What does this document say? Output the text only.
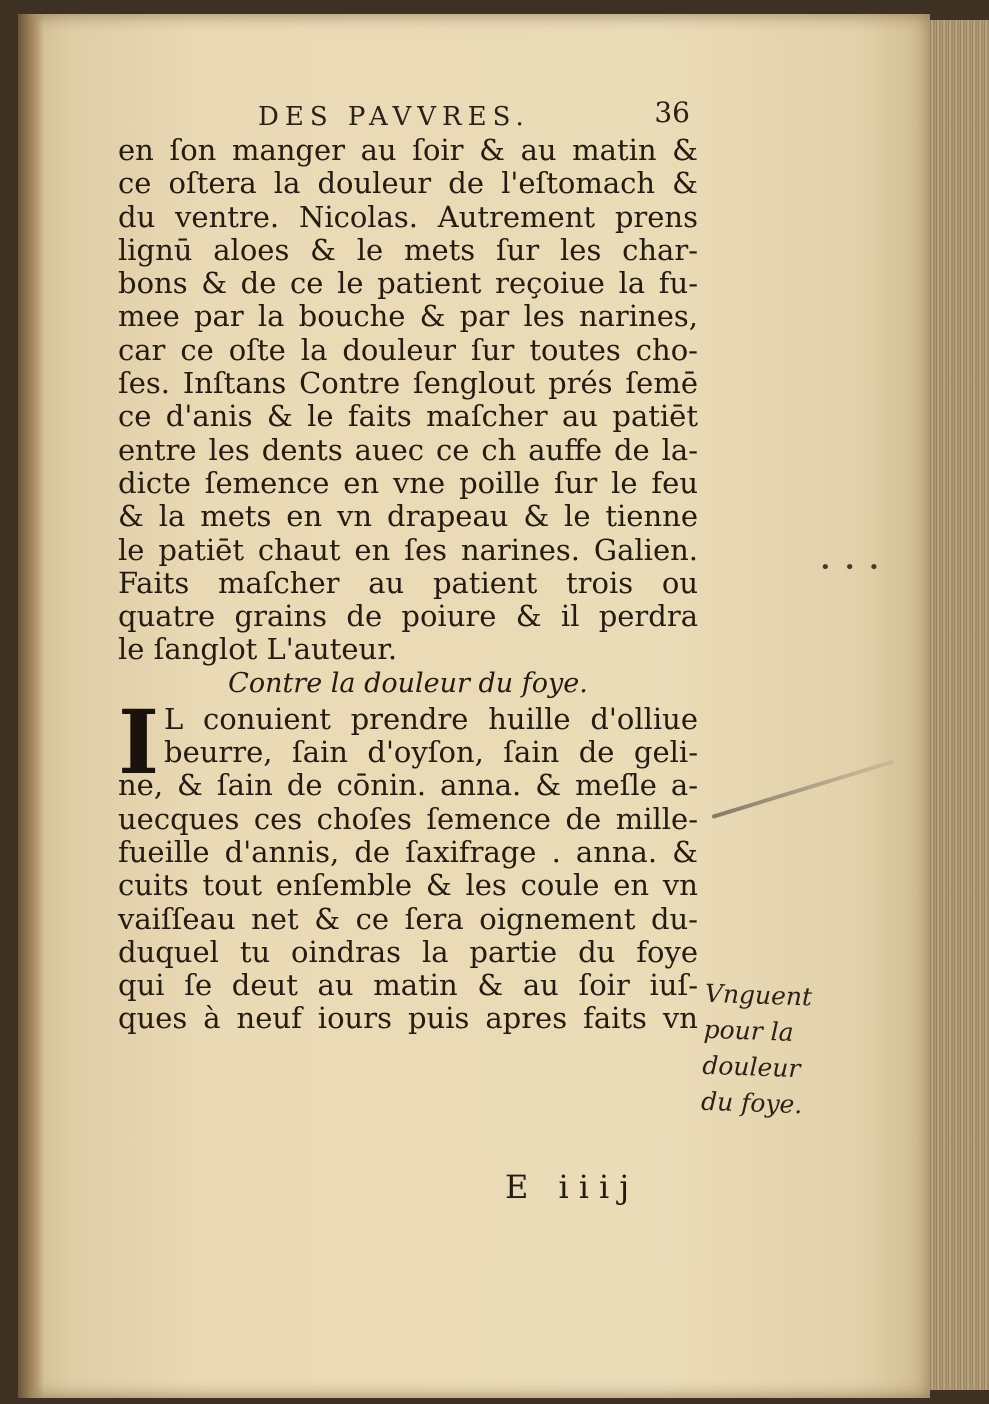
DES PAVVRES.	36
en ſon manger au ſoir & au matin &
ce oſtera la douleur de l'eſtomach &
du ventre. Nicolas. Autrement prens
lignū aloes & le mets ſur les char-
bons & de ce le patient reçoiue la fu-
mee par la bouche & par les narines,
car ce oſte la douleur ſur toutes cho-
ſes. Inſtans Contre ſenglout prés ſemē
ce d'anis & le faits maſcher au patiēt
entre les dents auec ce ch auffe de la-
dicte ſemence en vne poille ſur le feu
& la mets en vn drapeau & le tienne
le patiēt chaut en ſes narines. Galien.
Faits maſcher au patient trois ou
quatre grains de poiure & il perdra
le ſanglot L'auteur.
Contre la douleur du foye.
I L conuient prendre huille d'olliue
beurre, ſain d'oyſon, ſain de geli-
ne, & ſain de cōnin. anna. & meſle a-
uecques ces choſes ſemence de mille-
fueille d'annis, de ſaxifrage . anna. &
cuits tout enſemble & les coule en vn
vaiſſeau net & ce ſera oignement du-
duquel tu oindras la partie du foye
qui ſe deut au matin & au ſoir iuſ-
ques à neuf iours puis apres faits vn
Vnguent
pour la
douleur
du foye.
• • •
E iiij
